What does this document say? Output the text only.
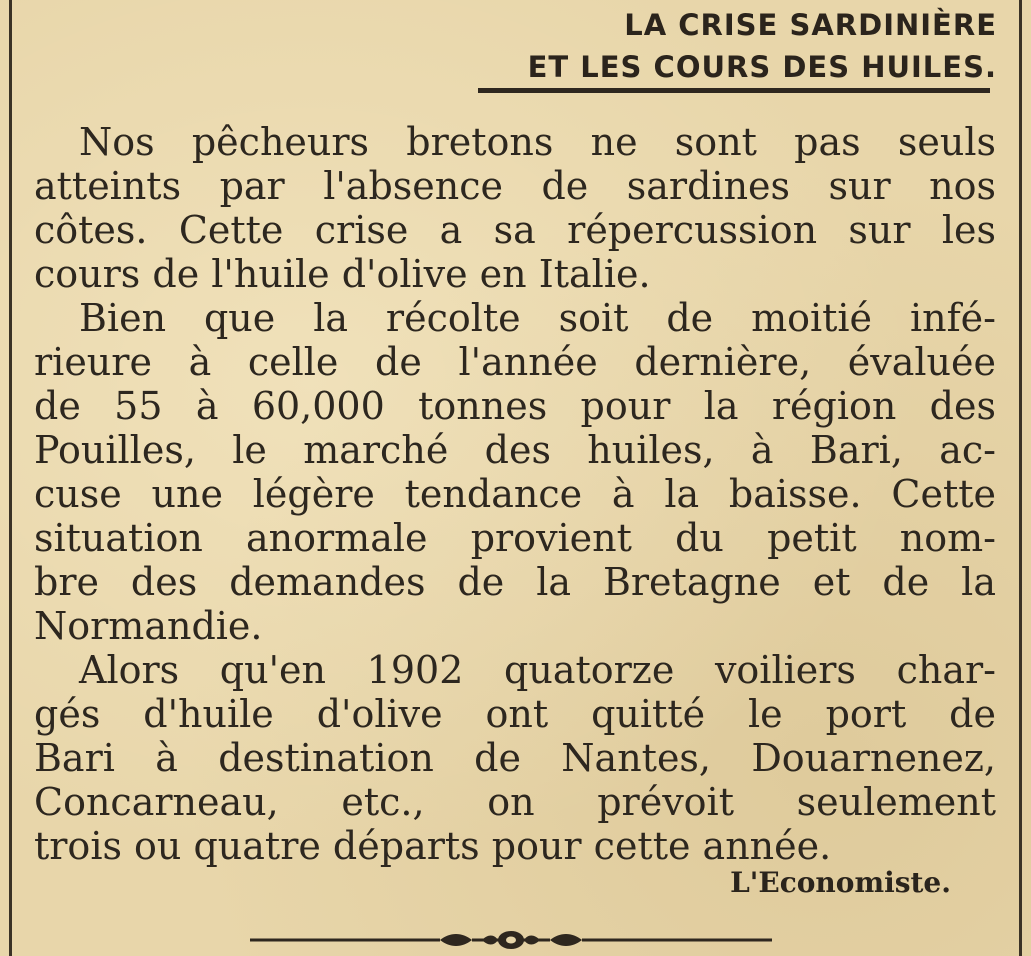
LA CRISE SARDINIÈRE
ET LES COURS DES HUILES.
Nos pêcheurs bretons ne sont pas seuls
atteints par l'absence de sardines sur nos
côtes. Cette crise a sa répercussion sur les
cours de l'huile d'olive en Italie.
Bien que la récolte soit de moitié infé-
rieure à celle de l'année dernière, évaluée
de 55 à 60,000 tonnes pour la région des
Pouilles, le marché des huiles, à Bari, ac-
cuse une légère tendance à la baisse. Cette
situation anormale provient du petit nom-
bre des demandes de la Bretagne et de la
Normandie.
Alors qu'en 1902 quatorze voiliers char-
gés d'huile d'olive ont quitté le port de
Bari à destination de Nantes, Douarnenez,
Concarneau, etc., on prévoit seulement
trois ou quatre départs pour cette année.
L'Economiste.
